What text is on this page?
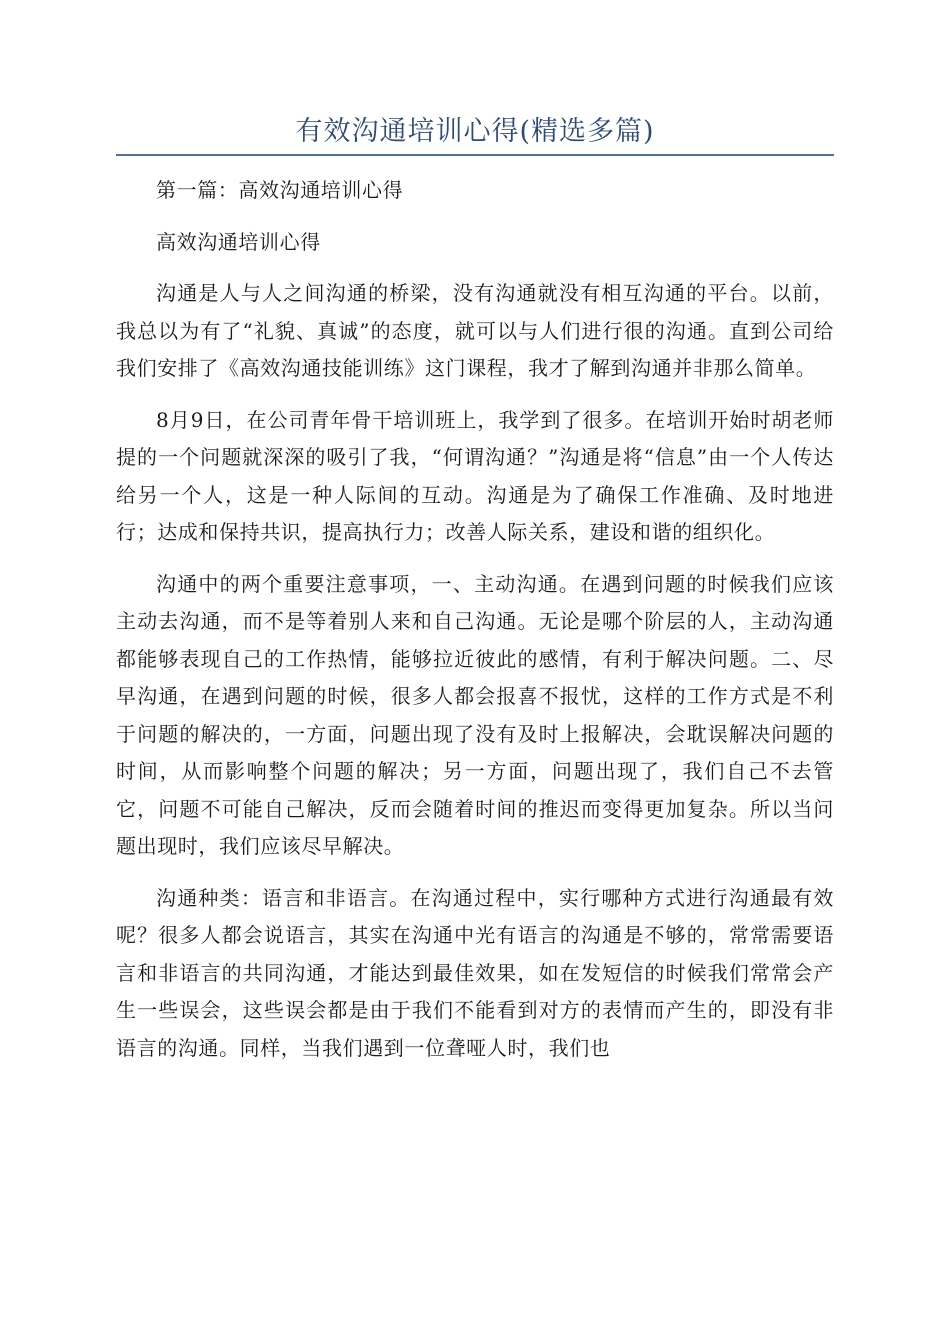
有效沟通培训心得(精选多篇)

第一篇：高效沟通培训心得

高效沟通培训心得

沟通是人与人之间沟通的桥梁，没有沟通就没有相互沟通的平台。以前，我总以为有了“礼貌、真诚”的态度，就可以与人们进行很的沟通。直到公司给我们安排了《高效沟通技能训练》这门课程，我才了解到沟通并非那么简单。

8月9日，在公司青年骨干培训班上，我学到了很多。在培训开始时胡老师提的一个问题就深深的吸引了我，“何谓沟通？”沟通是将“信息”由一个人传达给另一个人，这是一种人际间的互动。沟通是为了确保工作准确、及时地进行；达成和保持共识，提高执行力；改善人际关系，建设和谐的组织化。

沟通中的两个重要注意事项，一、主动沟通。在遇到问题的时候我们应该主动去沟通，而不是等着别人来和自己沟通。无论是哪个阶层的人，主动沟通都能够表现自己的工作热情，能够拉近彼此的感情，有利于解决问题。二、尽早沟通，在遇到问题的时候，很多人都会报喜不报忧，这样的工作方式是不利于问题的解决的，一方面，问题出现了没有及时上报解决，会耽误解决问题的时间，从而影响整个问题的解决；另一方面，问题出现了，我们自己不去管它，问题不可能自己解决，反而会随着时间的推迟而变得更加复杂。所以当问题出现时，我们应该尽早解决。

沟通种类：语言和非语言。在沟通过程中，实行哪种方式进行沟通最有效呢？很多人都会说语言，其实在沟通中光有语言的沟通是不够的，常常需要语言和非语言的共同沟通，才能达到最佳效果，如在发短信的时候我们常常会产生一些误会，这些误会都是由于我们不能看到对方的表情而产生的，即没有非语言的沟通。同样，当我们遇到一位聋哑人时，我们也
